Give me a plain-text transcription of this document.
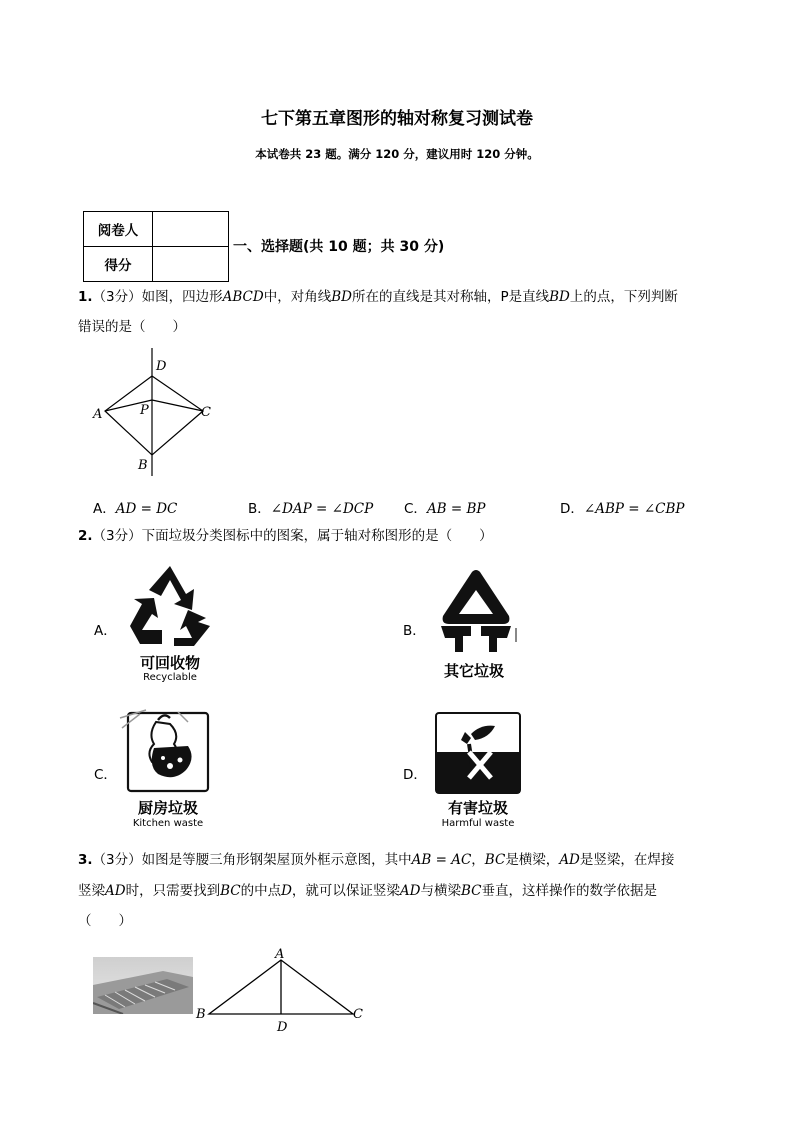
七下第五章图形的轴对称复习测试卷
本试卷共 23 题。满分 120 分，建议用时 120 分钟。
阅卷人	
得分	
一、选择题(共 10 题；共 30 分)
1.（3分）如图，四边形ABCD中，对角线BD所在的直线是其对称轴，P是直线BD上的点，下列判断
错误的是（　　）
D
A	P	C
B
A．AD = DC	B．∠DAP = ∠DCP C．AB = BP	D．∠ABP = ∠CBP
2.（3分）下面垃圾分类图标中的图案，属于轴对称图形的是（　　）
A．
可回收物
Recyclable
B．
其它垃圾
C．
厨房垃圾
Kitchen waste
D．
有害垃圾
Harmful waste
3.（3分）如图是等腰三角形钢架屋顶外框示意图，其中AB = AC，BC是横梁，AD是竖梁，在焊接
竖梁AD时，只需要找到BC的中点D，就可以保证竖梁AD与横梁BC垂直，这样操作的数学依据是
（　　）
A
B	C
D
